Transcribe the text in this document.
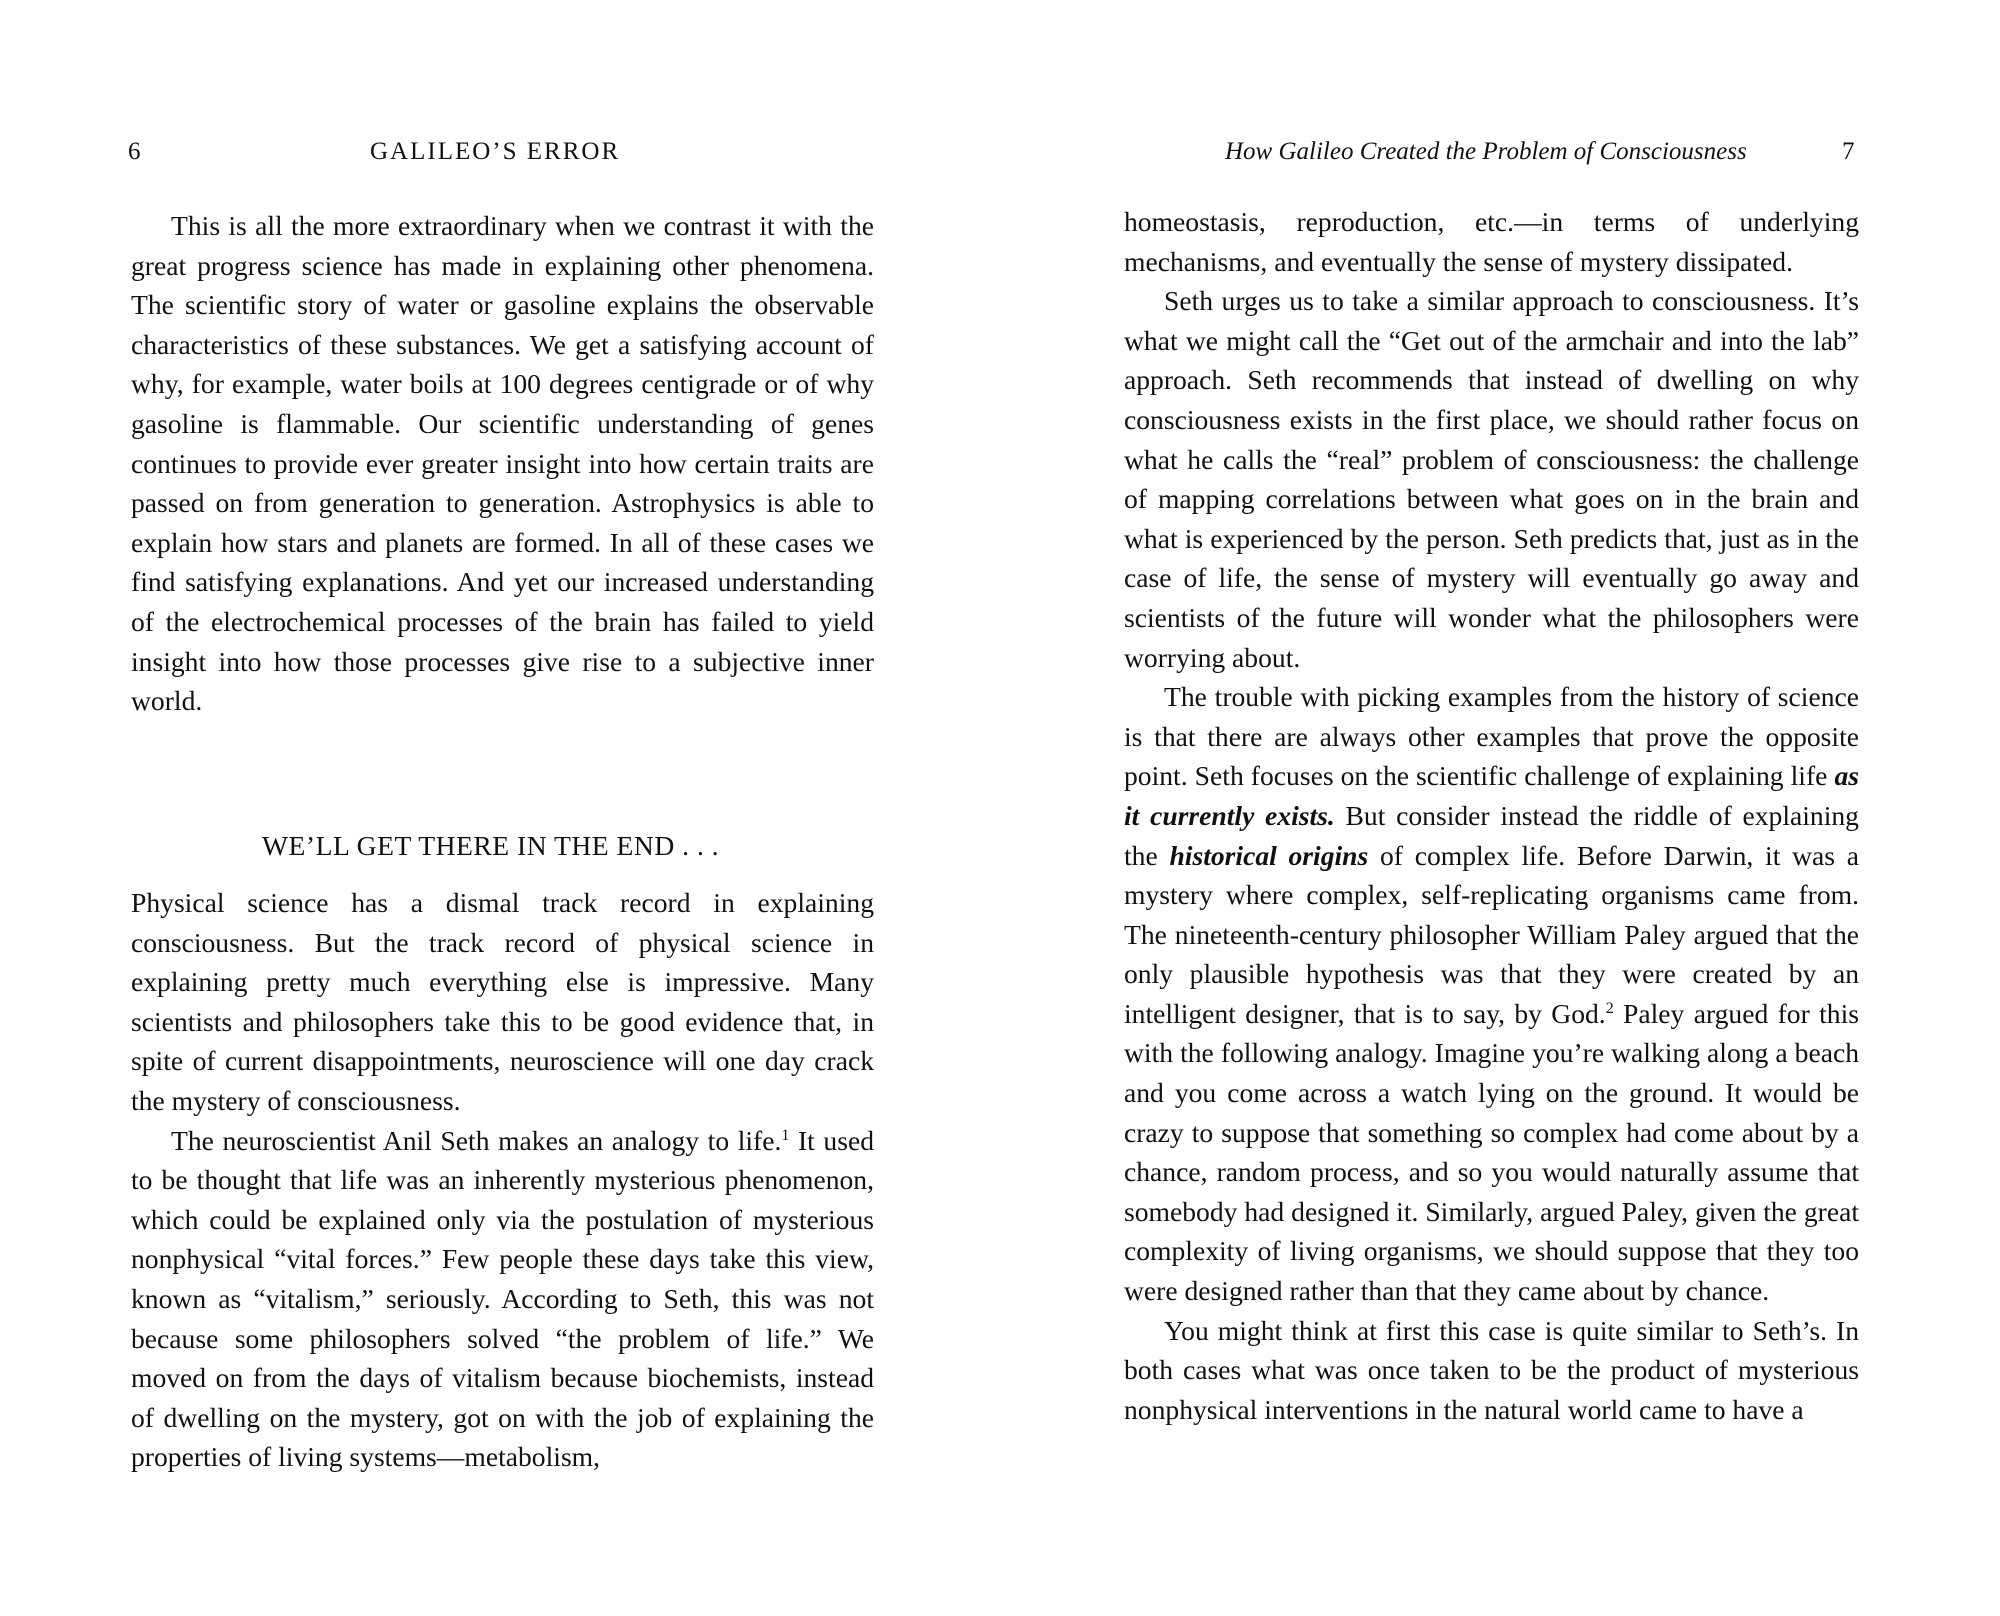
6	GALILEO’S ERROR

This is all the more extraordinary when we contrast it with the great progress science has made in explaining other phenomena. The scientific story of water or gasoline explains the observable characteristics of these substances. We get a satisfying account of why, for example, water boils at 100 degrees centigrade or of why gasoline is flammable. Our scientific understanding of genes continues to provide ever greater insight into how certain traits are passed on from generation to generation. Astrophysics is able to explain how stars and planets are formed. In all of these cases we find satisfying explanations. And yet our increased understanding of the electrochemical processes of the brain has failed to yield insight into how those processes give rise to a subjective inner world.

WE’LL GET THERE IN THE END . . .

Physical science has a dismal track record in explaining consciousness. But the track record of physical science in explaining pretty much everything else is impressive. Many scientists and philosophers take this to be good evidence that, in spite of current disappointments, neuroscience will one day crack the mystery of consciousness.

The neuroscientist Anil Seth makes an analogy to life.$^1$ It used to be thought that life was an inherently mysterious phenomenon, which could be explained only via the postulation of mysterious nonphysical “vital forces.” Few people these days take this view, known as “vitalism,” seriously. According to Seth, this was not because some philosophers solved “the problem of life.” We moved on from the days of vitalism because biochemists, instead of dwelling on the mystery, got on with the job of explaining the properties of living systems—metabolism,

How Galileo Created the Problem of Consciousness	7

homeostasis, reproduction, etc.—in terms of underlying mechanisms, and eventually the sense of mystery dissipated.

Seth urges us to take a similar approach to consciousness. It’s what we might call the “Get out of the armchair and into the lab” approach. Seth recommends that instead of dwelling on why consciousness exists in the first place, we should rather focus on what he calls the “real” problem of consciousness: the challenge of mapping correlations between what goes on in the brain and what is experienced by the person. Seth predicts that, just as in the case of life, the sense of mystery will eventually go away and scientists of the future will wonder what the philosophers were worrying about.

The trouble with picking examples from the history of science is that there are always other examples that prove the opposite point. Seth focuses on the scientific challenge of explaining life as it currently exists. But consider instead the riddle of explaining the historical origins of complex life. Before Darwin, it was a mystery where complex, self-replicating organisms came from. The nineteenth-century philosopher William Paley argued that the only plausible hypothesis was that they were created by an intelligent designer, that is to say, by God.$^2$ Paley argued for this with the following analogy. Imagine you’re walking along a beach and you come across a watch lying on the ground. It would be crazy to suppose that something so complex had come about by a chance, random process, and so you would naturally assume that somebody had designed it. Similarly, argued Paley, given the great complexity of living organisms, we should suppose that they too were designed rather than that they came about by chance.

You might think at first this case is quite similar to Seth’s. In both cases what was once taken to be the product of mysterious nonphysical interventions in the natural world came to have a
